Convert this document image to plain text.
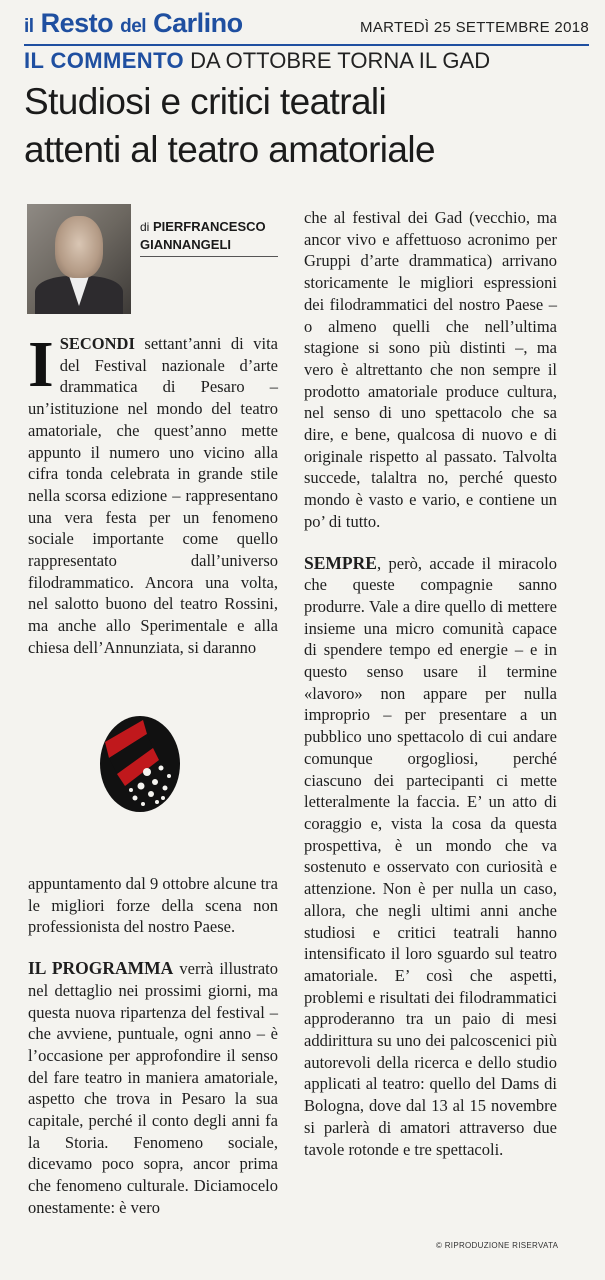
il Resto del Carlino	MARTEDÌ 25 SETTEMBRE 2018
IL COMMENTO DA OTTOBRE TORNA IL GAD
Studiosi e critici teatrali
attenti al teatro amatoriale
di PIERFRANCESCO
GIANNANGELI

ISECONDI settant’anni di vita del Festival nazionale d’arte drammatica di Pesaro – un’istituzione nel mondo del teatro amatoriale, che quest’anno mette appunto il numero uno vicino alla cifra tonda celebrata in grande stile nella scorsa edizione – rappresentano una vera festa per un fenomeno sociale importante come quello rappresentato dall’universo filodrammatico. Ancora una volta, nel salotto buono del teatro Rossini, ma anche allo Sperimentale e alla chiesa dell’Annunziata, si daranno

appuntamento dal 9 ottobre alcune tra le migliori forze della scena non professionista del nostro Paese.

IL PROGRAMMA verrà illustrato nel dettaglio nei prossimi giorni, ma questa nuova ripartenza del festival – che avviene, puntuale, ogni anno – è l’occasione per approfondire il senso del fare teatro in maniera amatoriale, aspetto che trova in Pesaro la sua capitale, perché il conto degli anni fa la Storia. Fenomeno sociale, dicevamo poco sopra, ancor prima che fenomeno culturale. Diciamocelo onestamente: è vero

che al festival dei Gad (vecchio, ma ancor vivo e affettuoso acronimo per Gruppi d’arte drammatica) arrivano storicamente le migliori espressioni dei filodrammatici del nostro Paese – o almeno quelli che nell’ultima stagione si sono più distinti –, ma vero è altrettanto che non sempre il prodotto amatoriale produce cultura, nel senso di uno spettacolo che sa dire, e bene, qualcosa di nuovo e di originale rispetto al passato. Talvolta succede, talaltra no, perché questo mondo è vasto e vario, e contiene un po’ di tutto.

SEMPRE, però, accade il miracolo che queste compagnie sanno produrre. Vale a dire quello di mettere insieme una micro comunità capace di spendere tempo ed energie – e in questo senso usare il termine «lavoro» non appare per nulla improprio – per presentare a un pubblico uno spettacolo di cui andare comunque orgogliosi, perché ciascuno dei partecipanti ci mette letteralmente la faccia. E’ un atto di coraggio e, vista la cosa da questa prospettiva, è un mondo che va sostenuto e osservato con curiosità e attenzione. Non è per nulla un caso, allora, che negli ultimi anni anche studiosi e critici teatrali hanno intensificato il loro sguardo sul teatro amatoriale. E’ così che aspetti, problemi e risultati dei filodrammatici approderanno tra un paio di mesi addirittura su uno dei palcoscenici più autorevoli della ricerca e dello studio applicati al teatro: quello del Dams di Bologna, dove dal 13 al 15 novembre si parlerà di amatori attraverso due tavole rotonde e tre spettacoli.

© RIPRODUZIONE RISERVATA
